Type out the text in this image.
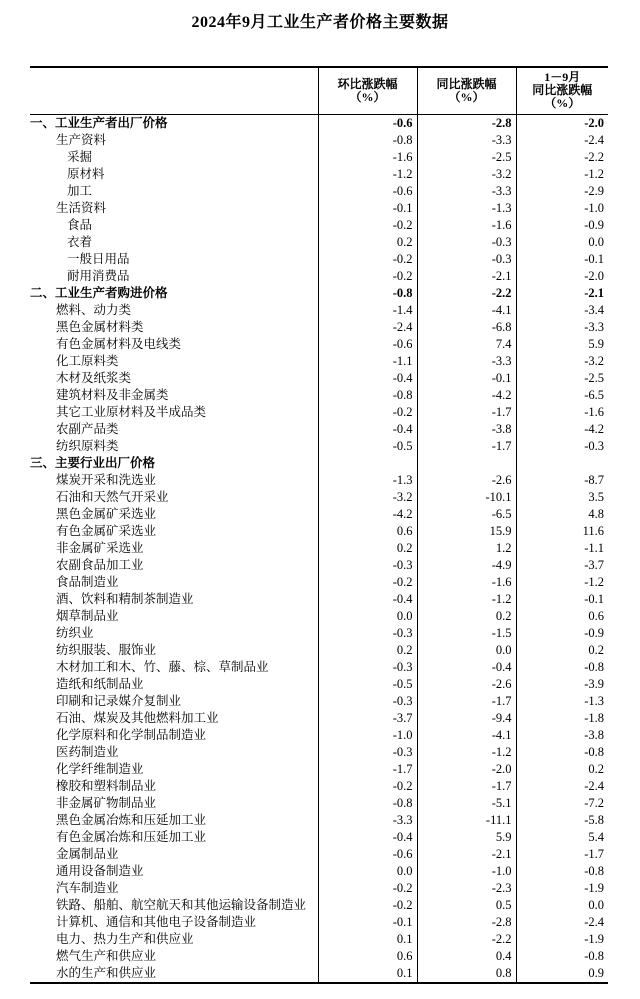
2024年9月工业生产者价格主要数据

环比涨跌幅
（%）

同比涨跌幅
（%）

1－9月
同比涨跌幅
（%）

一、工业生产者出厂价格	-0.6	-2.8	-2.0
生产资料	-0.8	-3.3	-2.4
采掘	-1.6	-2.5	-2.2
原材料	-1.2	-3.2	-1.2
加工	-0.6	-3.3	-2.9
生活资料	-0.1	-1.3	-1.0
食品	-0.2	-1.6	-0.9
衣着	0.2	-0.3	0.0
一般日用品	-0.2	-0.3	-0.1
耐用消费品	-0.2	-2.1	-2.0
二、工业生产者购进价格	-0.8	-2.2	-2.1
燃料、动力类	-1.4	-4.1	-3.4
黑色金属材料类	-2.4	-6.8	-3.3
有色金属材料及电线类	-0.6	7.4	5.9
化工原料类	-1.1	-3.3	-3.2
木材及纸浆类	-0.4	-0.1	-2.5
建筑材料及非金属类	-0.8	-4.2	-6.5
其它工业原材料及半成品类	-0.2	-1.7	-1.6
农副产品类	-0.4	-3.8	-4.2
纺织原料类	-0.5	-1.7	-0.3
三、主要行业出厂价格			
煤炭开采和洗选业	-1.3	-2.6	-8.7
石油和天然气开采业	-3.2	-10.1	3.5
黑色金属矿采选业	-4.2	-6.5	4.8
有色金属矿采选业	0.6	15.9	11.6
非金属矿采选业	0.2	1.2	-1.1
农副食品加工业	-0.3	-4.9	-3.7
食品制造业	-0.2	-1.6	-1.2
酒、饮料和精制茶制造业	-0.4	-1.2	-0.1
烟草制品业	0.0	0.2	0.6
纺织业	-0.3	-1.5	-0.9
纺织服装、服饰业	0.2	0.0	0.2
木材加工和木、竹、藤、棕、草制品业	-0.3	-0.4	-0.8
造纸和纸制品业	-0.5	-2.6	-3.9
印刷和记录媒介复制业	-0.3	-1.7	-1.3
石油、煤炭及其他燃料加工业	-3.7	-9.4	-1.8
化学原料和化学制品制造业	-1.0	-4.1	-3.8
医药制造业	-0.3	-1.2	-0.8
化学纤维制造业	-1.7	-2.0	0.2
橡胶和塑料制品业	-0.2	-1.7	-2.4
非金属矿物制品业	-0.8	-5.1	-7.2
黑色金属冶炼和压延加工业	-3.3	-11.1	-5.8
有色金属冶炼和压延加工业	-0.4	5.9	5.4
金属制品业	-0.6	-2.1	-1.7
通用设备制造业	0.0	-1.0	-0.8
汽车制造业	-0.2	-2.3	-1.9
铁路、船舶、航空航天和其他运输设备制造业	-0.2	0.5	0.0
计算机、通信和其他电子设备制造业	-0.1	-2.8	-2.4
电力、热力生产和供应业	0.1	-2.2	-1.9
燃气生产和供应业	0.6	0.4	-0.8
水的生产和供应业	0.1	0.8	0.9
